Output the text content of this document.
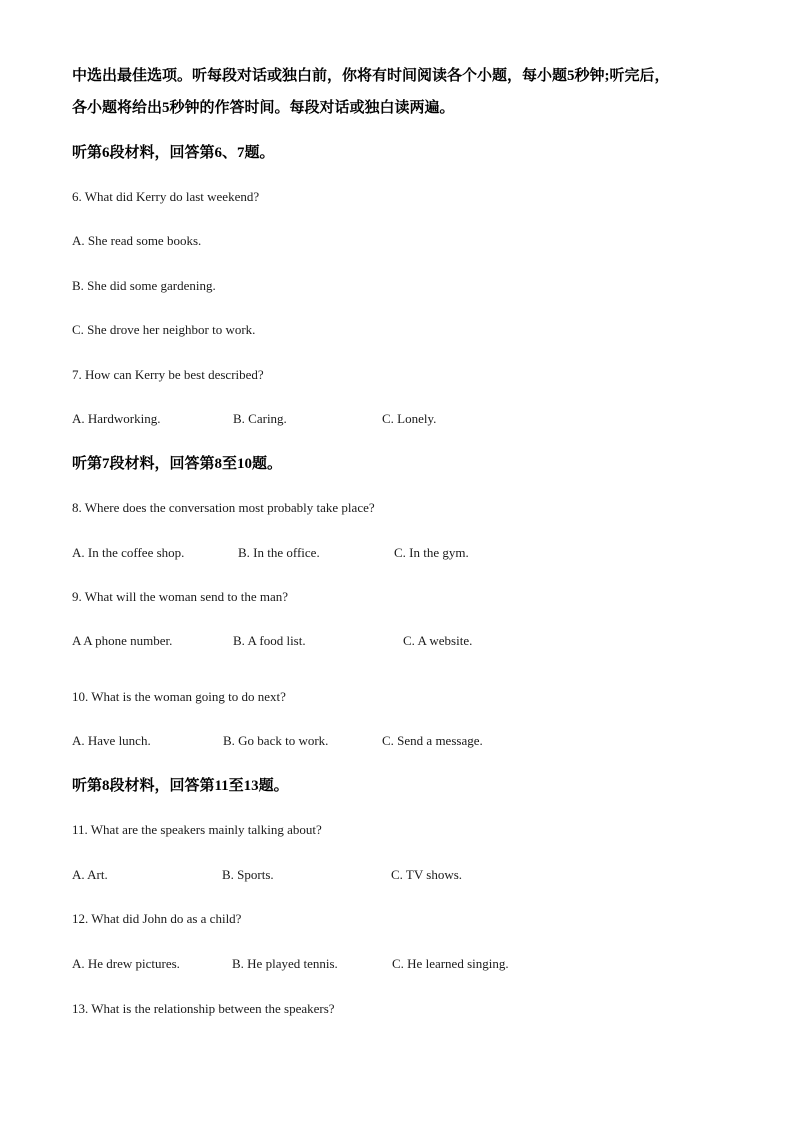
中选出最佳选项。听每段对话或独白前，你将有时间阅读各个小题，每小题5秒钟;听完后，
各小题将给出5秒钟的作答时间。每段对话或独白读两遍。
听第6段材料，回答第6、7题。
6. What did Kerry do last weekend?
A. She read some books.
B. She did some gardening.
C. She drove her neighbor to work.
7. How can Kerry be best described?
A. Hardworking.	B. Caring.	C. Lonely.
听第7段材料，回答第8至10题。
8. Where does the conversation most probably take place?
A. In the coffee shop.	B. In the office.	C. In the gym.
9. What will the woman send to the man?
A A phone number.	B. A food list.	C. A website.
10. What is the woman going to do next?
A. Have lunch.	B. Go back to work.	C. Send a message.
听第8段材料，回答第11至13题。
11. What are the speakers mainly talking about?
A. Art.	B. Sports.	C. TV shows.
12. What did John do as a child?
A. He drew pictures.	B. He played tennis.	C. He learned singing.
13. What is the relationship between the speakers?
